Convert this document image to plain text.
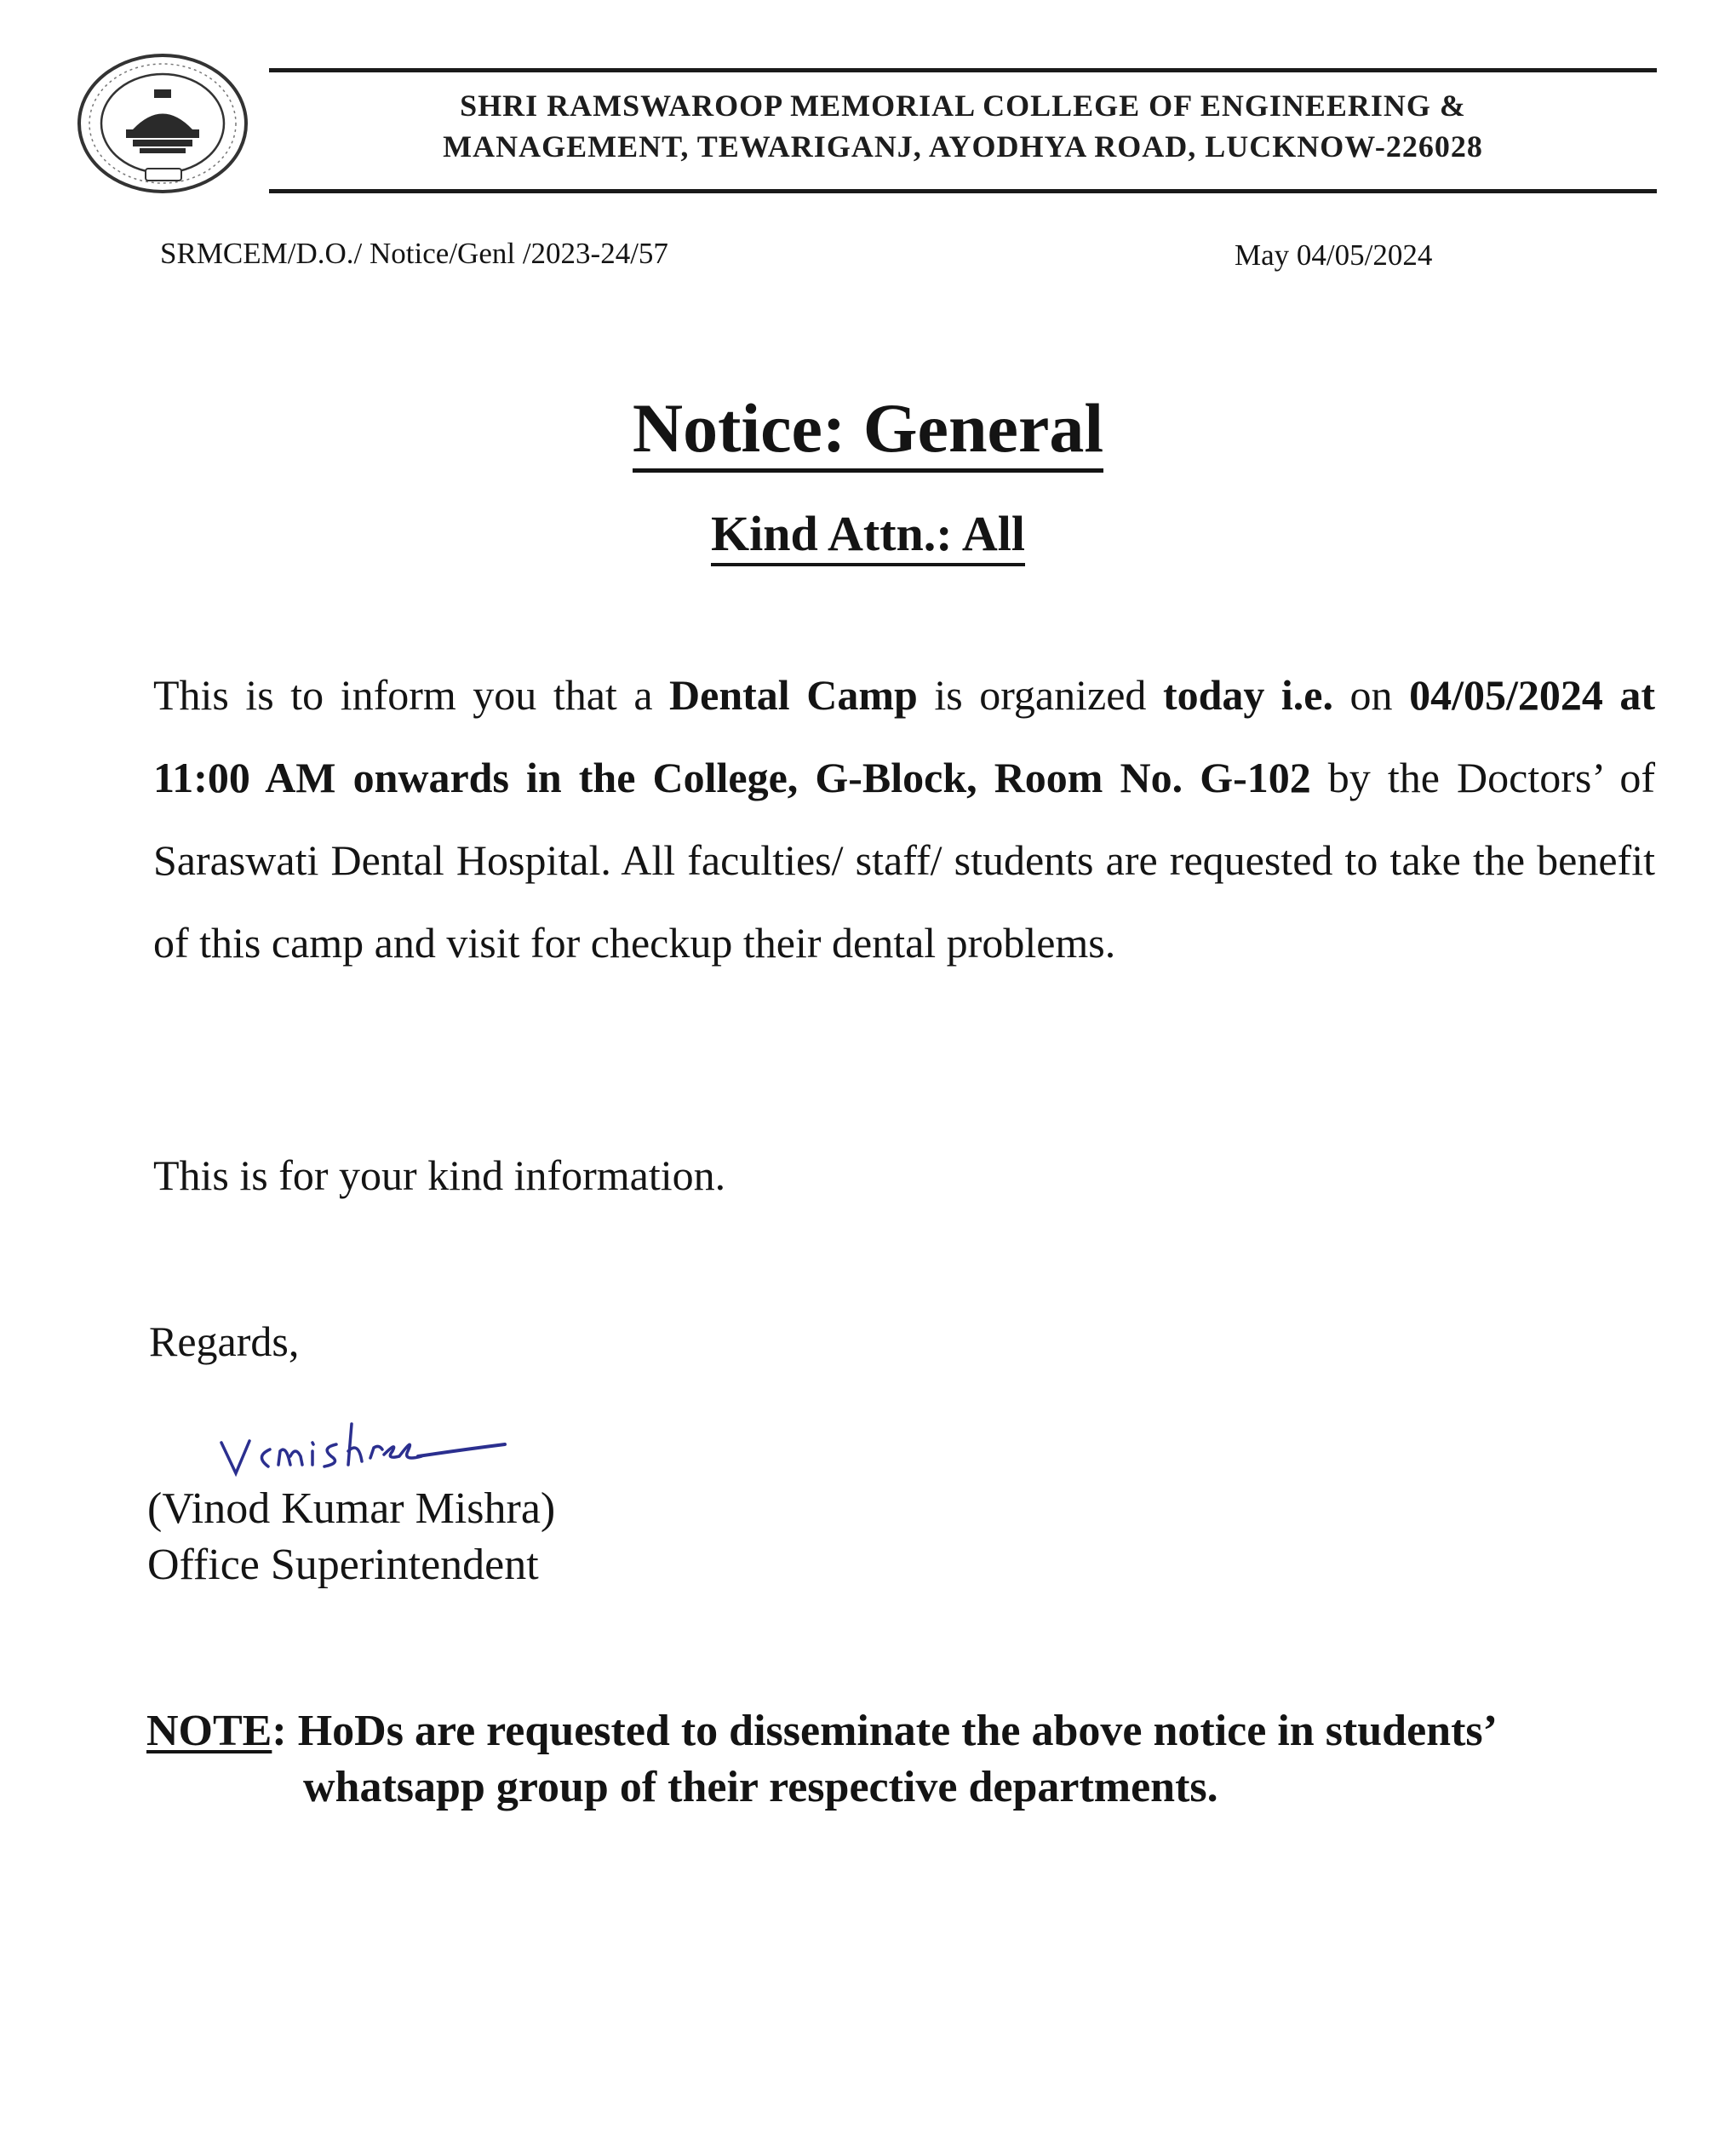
SHRI RAMSWAROOP MEMORIAL COLLEGE OF ENGINEERING &
MANAGEMENT, TEWARIGANJ, AYODHYA ROAD, LUCKNOW-226028
SRMCEM/D.O./ Notice/Genl /2023-24/57	May 04/05/2024
Notice: General
Kind Attn.: All
This is to inform you that a Dental Camp is organized today i.e. on 04/05/2024 at 11:00 AM onwards in the College, G-Block, Room No. G-102 by the Doctors’ of Saraswati Dental Hospital. All faculties/ staff/ students are requested to take the benefit of this camp and visit for checkup their dental problems.
This is for your kind information.
Regards,
(Vinod Kumar Mishra)
Office Superintendent
NOTE: HoDs are requested to disseminate the above notice in students’
whatsapp group of their respective departments.
